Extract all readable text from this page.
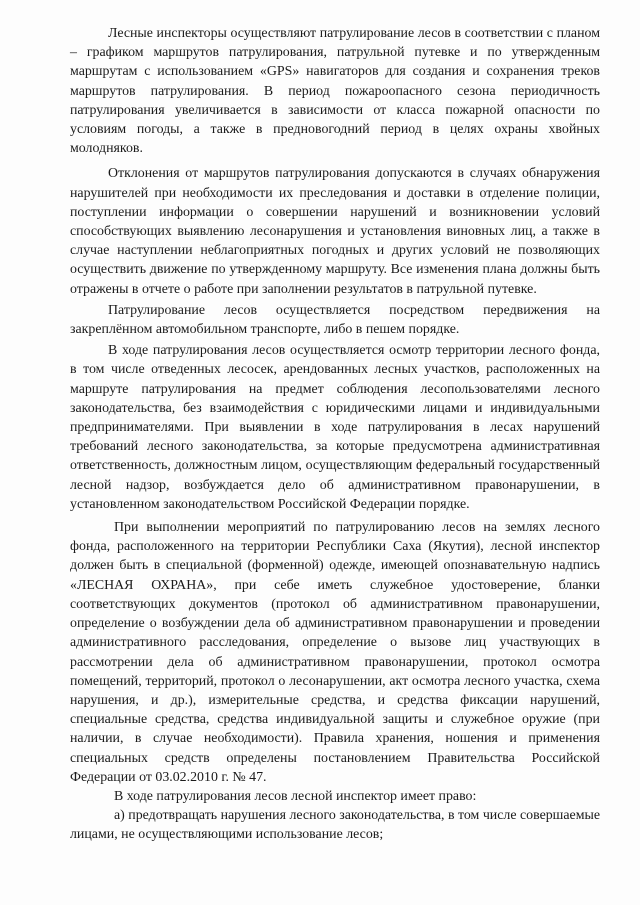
Лесные инспекторы осуществляют патрулирование лесов в соответствии с планом – графиком маршрутов патрулирования, патрульной путевке и по утвержденным маршрутам с использованием «GPS» навигаторов для создания и сохранения треков маршрутов патрулирования. В период пожароопасного сезона периодичность патрулирования увеличивается в зависимости от класса пожарной опасности по условиям погоды, а также в предновогодний период в целях охраны хвойных молодняков.

Отклонения от маршрутов патрулирования допускаются в случаях обнаружения нарушителей при необходимости их преследования и доставки в отделение полиции, поступлении информации о совершении нарушений и возникновении условий способствующих выявлению лесонарушения и установления виновных лиц, а также в случае наступлении неблагоприятных погодных и других условий не позволяющих осуществить движение по утвержденному маршруту. Все изменения плана должны быть отражены в отчете о работе при заполнении результатов в патрульной путевке.

Патрулирование лесов осуществляется посредством передвижения на закреплённом автомобильном транспорте, либо в пешем порядке.

В ходе патрулирования лесов осуществляется осмотр территории лесного фонда, в том числе отведенных лесосек, арендованных лесных участков, расположенных на маршруте патрулирования на предмет соблюдения лесопользователями лесного законодательства, без взаимодействия с юридическими лицами и индивидуальными предпринимателями. При выявлении в ходе патрулирования в лесах нарушений требований лесного законодательства, за которые предусмотрена административная ответственность, должностным лицом, осуществляющим федеральный государственный лесной надзор, возбуждается дело об административном правонарушении, в установленном законодательством Российской Федерации порядке.

При выполнении мероприятий по патрулированию лесов на землях лесного фонда, расположенного на территории Республики Саха (Якутия), лесной инспектор должен быть в специальной (форменной) одежде, имеющей опознавательную надпись «ЛЕСНАЯ ОХРАНА», при себе иметь служебное удостоверение, бланки соответствующих документов (протокол об административном правонарушении, определение о возбуждении дела об административном правонарушении и проведении административного расследования, определение о вызове лиц участвующих в рассмотрении дела об административном правонарушении, протокол осмотра помещений, территорий, протокол о лесонарушении, акт осмотра лесного участка, схема нарушения, и др.), измерительные средства, и средства фиксации нарушений, специальные средства, средства индивидуальной защиты и служебное оружие (при наличии, в случае необходимости). Правила хранения, ношения и применения специальных средств определены постановлением Правительства Российской Федерации от 03.02.2010 г. № 47.

В ходе патрулирования лесов лесной инспектор имеет право:

а) предотвращать нарушения лесного законодательства, в том числе совершаемые лицами, не осуществляющими использование лесов;
